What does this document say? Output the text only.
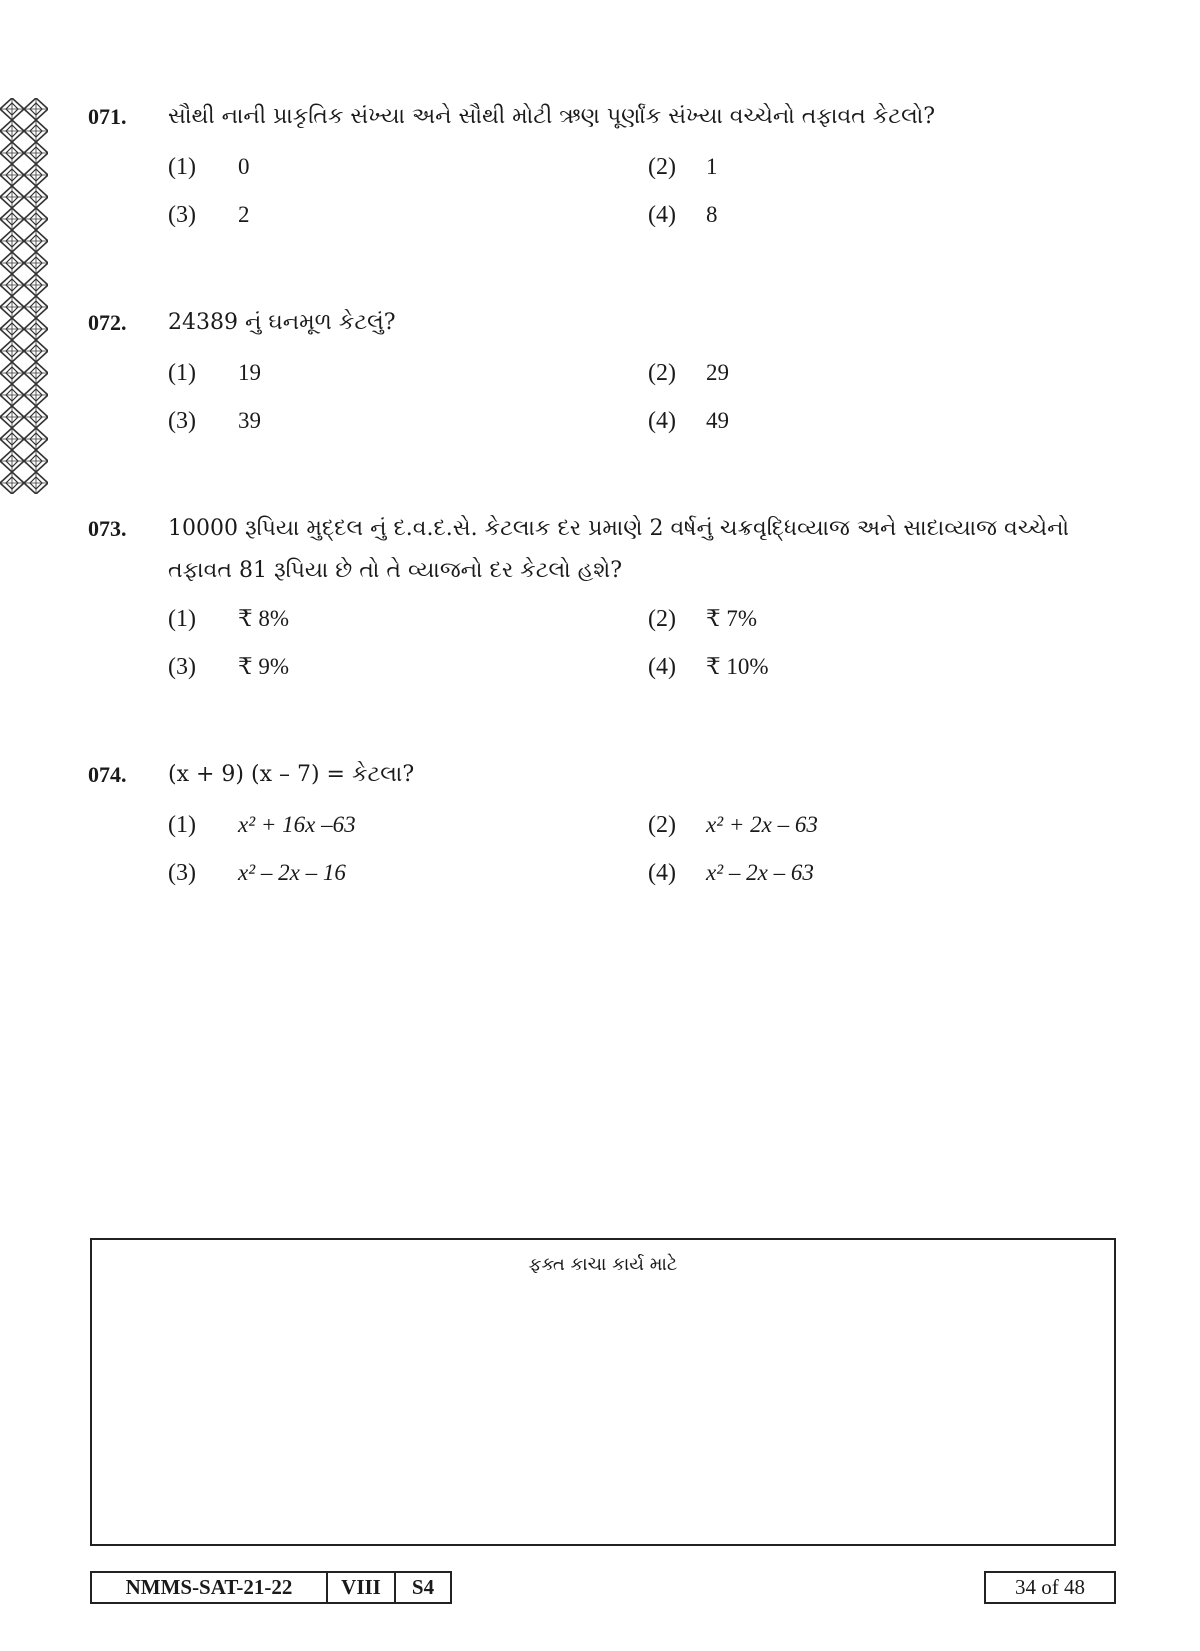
071. સૌથી નાની પ્રાકૃતિક સંખ્યા અને સૌથી મોટી ઋણ પૂર્ણાંક સંખ્યા વચ્ચેનો તફાવત કેટલો?
(1) 0	(2) 1
(3) 2	(4) 8
072. 24389 નું ઘનમૂળ કેટલું?
(1) 19	(2) 29
(3) 39	(4) 49
073. 10000 રૂપિયા મુદ્દલ નું દ.વ.દ.સે. કેટલાક દર પ્રમાણે 2 વર્ષનું ચક્રવૃદ્ધિવ્યાજ અને સાદાવ્યાજ વચ્ચેનો તફાવત 81 રૂપિયા છે તો તે વ્યાજનો દર કેટલો હશે?
(1) ₹ 8%	(2) ₹ 7%
(3) ₹ 9%	(4) ₹ 10%
074. (x + 9) (x – 7) = કેટલા?
(1) x² + 16x –63	(2) x² + 2x – 63
(3) x² – 2x – 16	(4) x² – 2x – 63
ફક્ત કાચા કાર્ય માટે
NMMS-SAT-21-22	VIII	S4	34 of 48
